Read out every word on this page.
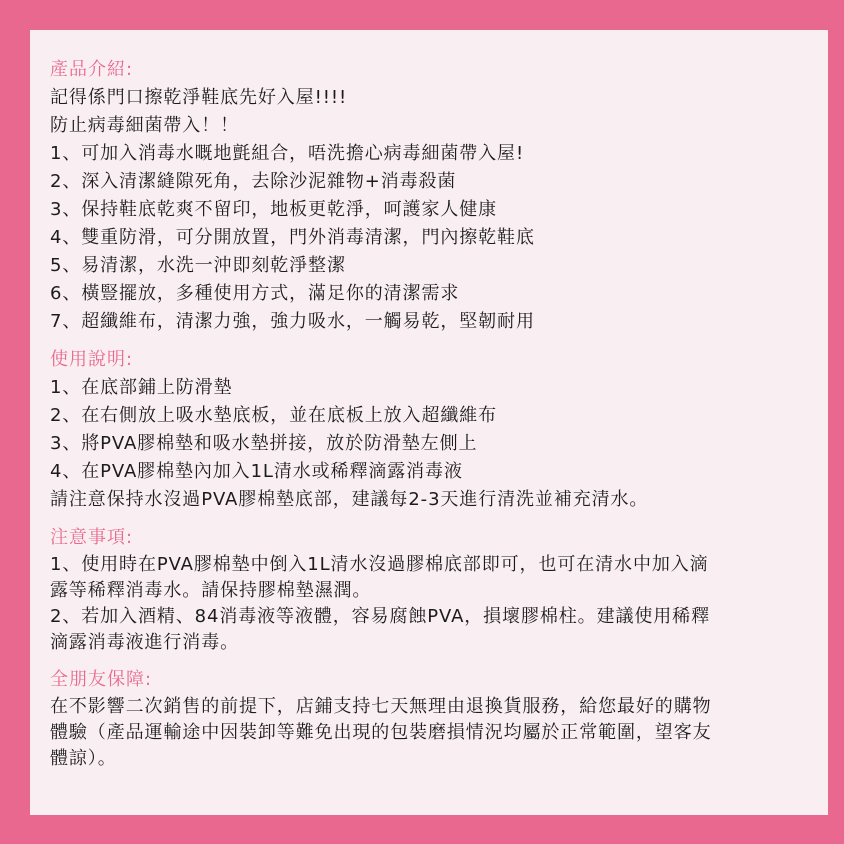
產品介紹:

記得係門口擦乾淨鞋底先好入屋!!!!

防止病毒細菌帶入！！

1、可加入消毒水嘅地氈組合，唔洗擔心病毒細菌帶入屋!

2、深入清潔縫隙死角，去除沙泥雜物+消毒殺菌

3、保持鞋底乾爽不留印，地板更乾淨，呵護家人健康

4、雙重防滑，可分開放置，門外消毒清潔，門內擦乾鞋底

5、易清潔，水洗一沖即刻乾淨整潔

6、橫豎擺放，多種使用方式，滿足你的清潔需求

7、超纖維布，清潔力強，強力吸水，一觸易乾，堅韌耐用

使用說明:

1、在底部鋪上防滑墊

2、在右側放上吸水墊底板，並在底板上放入超纖維布

3、將PVA膠棉墊和吸水墊拼接，放於防滑墊左側上

4、在PVA膠棉墊內加入1L清水或稀釋滴露消毒液

請注意保持水沒過PVA膠棉墊底部，建議每2-3天進行清洗並補充清水。

注意事項:

1、使用時在PVA膠棉墊中倒入1L清水沒過膠棉底部即可，也可在清水中加入滴
露等稀釋消毒水。請保持膠棉墊濕潤。

2、若加入酒精、84消毒液等液體，容易腐蝕PVA，損壞膠棉柱。建議使用稀釋
滴露消毒液進行消毒。

全朋友保障:

在不影響二次銷售的前提下，店鋪支持七天無理由退換貨服務，給您最好的購物
體驗（產品運輸途中因裝卸等難免出現的包裝磨損情況均屬於正常範圍，望客友
體諒）。
